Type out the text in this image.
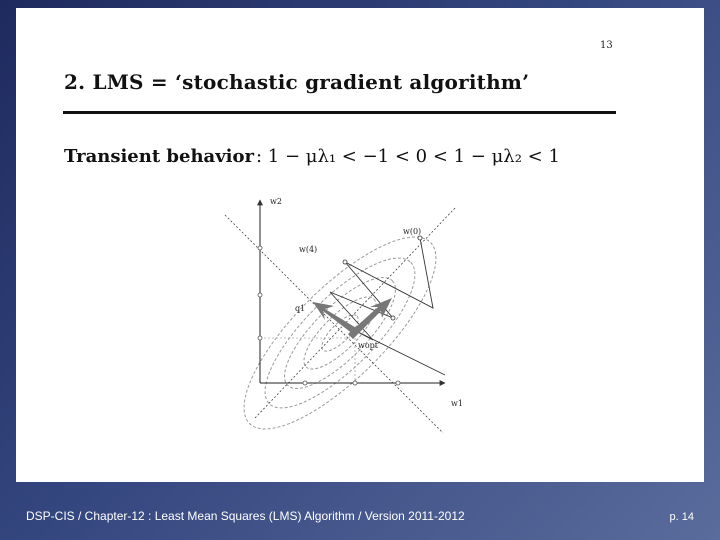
13
2. LMS = ‘stochastic gradient algorithm’
Transient behavior : 1 − μλ₁ < −1 < 0 < 1 − μλ₂ < 1
w2
w1
w(0)
w(4)
q1
wopt
DSP-CIS / Chapter-12 : Least Mean Squares (LMS) Algorithm / Version 2011-2012	p. 14
